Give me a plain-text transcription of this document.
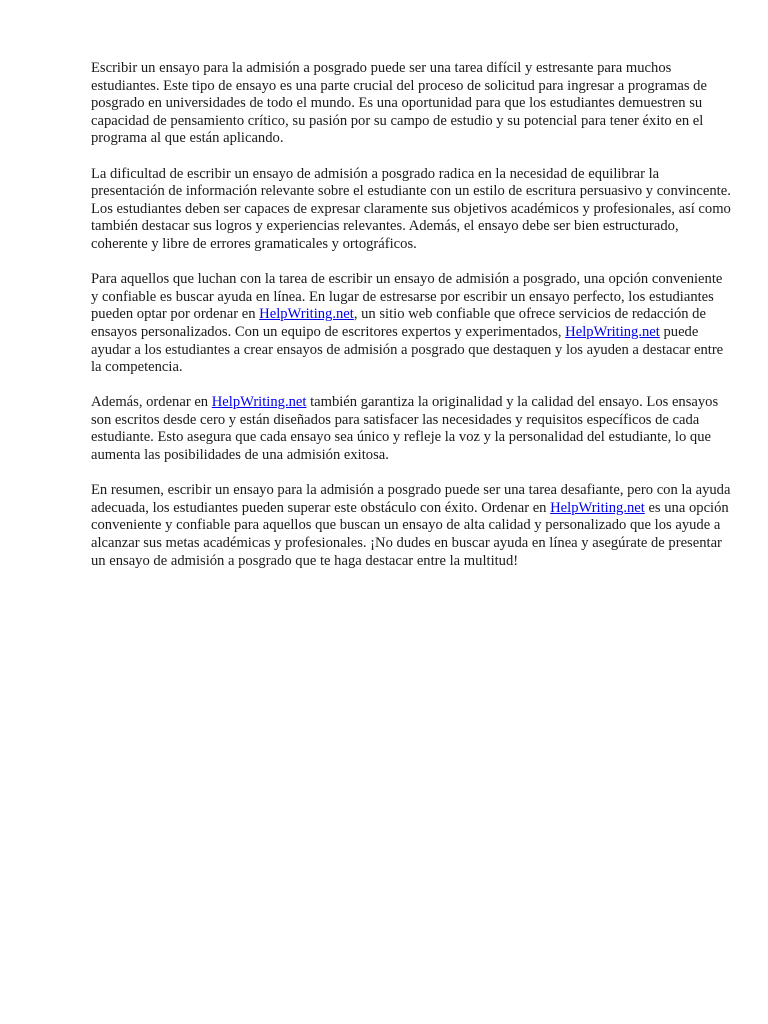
Escribir un ensayo para la admisión a posgrado puede ser una tarea difícil y estresante para muchos estudiantes. Este tipo de ensayo es una parte crucial del proceso de solicitud para ingresar a programas de posgrado en universidades de todo el mundo. Es una oportunidad para que los estudiantes demuestren su capacidad de pensamiento crítico, su pasión por su campo de estudio y su potencial para tener éxito en el programa al que están aplicando.

La dificultad de escribir un ensayo de admisión a posgrado radica en la necesidad de equilibrar la presentación de información relevante sobre el estudiante con un estilo de escritura persuasivo y convincente. Los estudiantes deben ser capaces de expresar claramente sus objetivos académicos y profesionales, así como también destacar sus logros y experiencias relevantes. Además, el ensayo debe ser bien estructurado, coherente y libre de errores gramaticales y ortográficos.

Para aquellos que luchan con la tarea de escribir un ensayo de admisión a posgrado, una opción conveniente y confiable es buscar ayuda en línea. En lugar de estresarse por escribir un ensayo perfecto, los estudiantes pueden optar por ordenar en HelpWriting.net, un sitio web confiable que ofrece servicios de redacción de ensayos personalizados. Con un equipo de escritores expertos y experimentados, HelpWriting.net puede ayudar a los estudiantes a crear ensayos de admisión a posgrado que destaquen y los ayuden a destacar entre la competencia.

Además, ordenar en HelpWriting.net también garantiza la originalidad y la calidad del ensayo. Los ensayos son escritos desde cero y están diseñados para satisfacer las necesidades y requisitos específicos de cada estudiante. Esto asegura que cada ensayo sea único y refleje la voz y la personalidad del estudiante, lo que aumenta las posibilidades de una admisión exitosa.

En resumen, escribir un ensayo para la admisión a posgrado puede ser una tarea desafiante, pero con la ayuda adecuada, los estudiantes pueden superar este obstáculo con éxito. Ordenar en HelpWriting.net es una opción conveniente y confiable para aquellos que buscan un ensayo de alta calidad y personalizado que los ayude a alcanzar sus metas académicas y profesionales. ¡No dudes en buscar ayuda en línea y asegúrate de presentar un ensayo de admisión a posgrado que te haga destacar entre la multitud!
